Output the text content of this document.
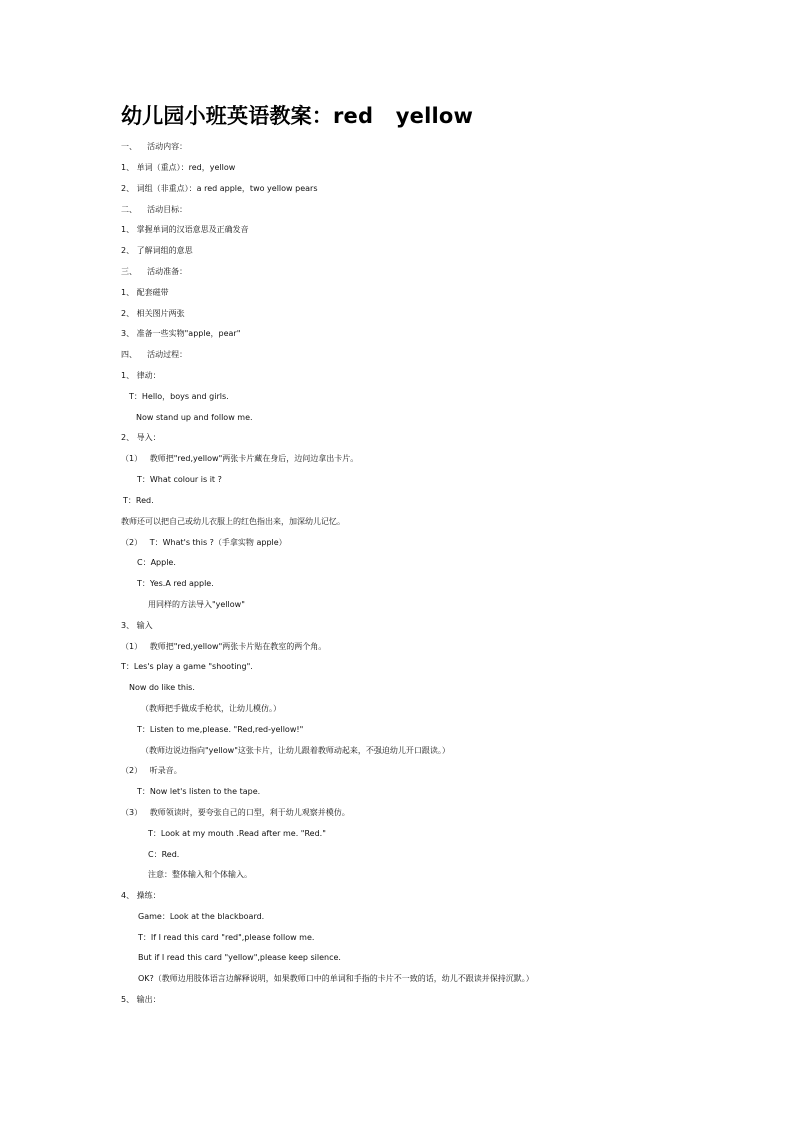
幼儿园小班英语教案：red   yellow
一、    活动内容：
1、 单词（重点）：red，yellow
2、 词组（非重点）：a red apple，two yellow pears
二、    活动目标：
1、 掌握单词的汉语意思及正确发音
2、 了解词组的意思
三、    活动准备：
1、 配套磁带
2、 相关图片两张
3、 准备一些实物"apple，pear"
四、    活动过程：
1、 律动：
T：Hello，boys and girls.
Now stand up and follow me.
2、 导入：
（1）   教师把"red,yellow"两张卡片藏在身后，边问边拿出卡片。
T：What colour is it ?
T：Red.
教师还可以把自己或幼儿衣服上的红色指出来，加深幼儿记忆。
（2）   T：What's this ?（手拿实物 apple）
C：Apple.
T：Yes.A red apple.
用同样的方法导入"yellow"
3、 输入
（1）   教师把"red,yellow"两张卡片贴在教室的两个角。
T：Les's play a game "shooting".
Now do like this.
（教师把手做成手枪状，让幼儿模仿。）
T：Listen to me,please. "Red,red-yellow!"
（教师边说边指向"yellow"这张卡片，让幼儿跟着教师动起来，不强迫幼儿开口跟读。）
（2）   听录音。
T：Now let's listen to the tape.
（3）   教师领读时，要夸张自己的口型，利于幼儿观察并模仿。
T：Look at my mouth .Read after me. "Red."
C：Red.
注意：整体输入和个体输入。
4、 操练：
Game：Look at the blackboard.
T：If I read this card "red",please follow me.
But if I read this card "yellow",please keep silence.
OK?（教师边用肢体语言边解释说明，如果教师口中的单词和手指的卡片不一致的话，幼儿不跟读并保持沉默。）
5、 输出：
